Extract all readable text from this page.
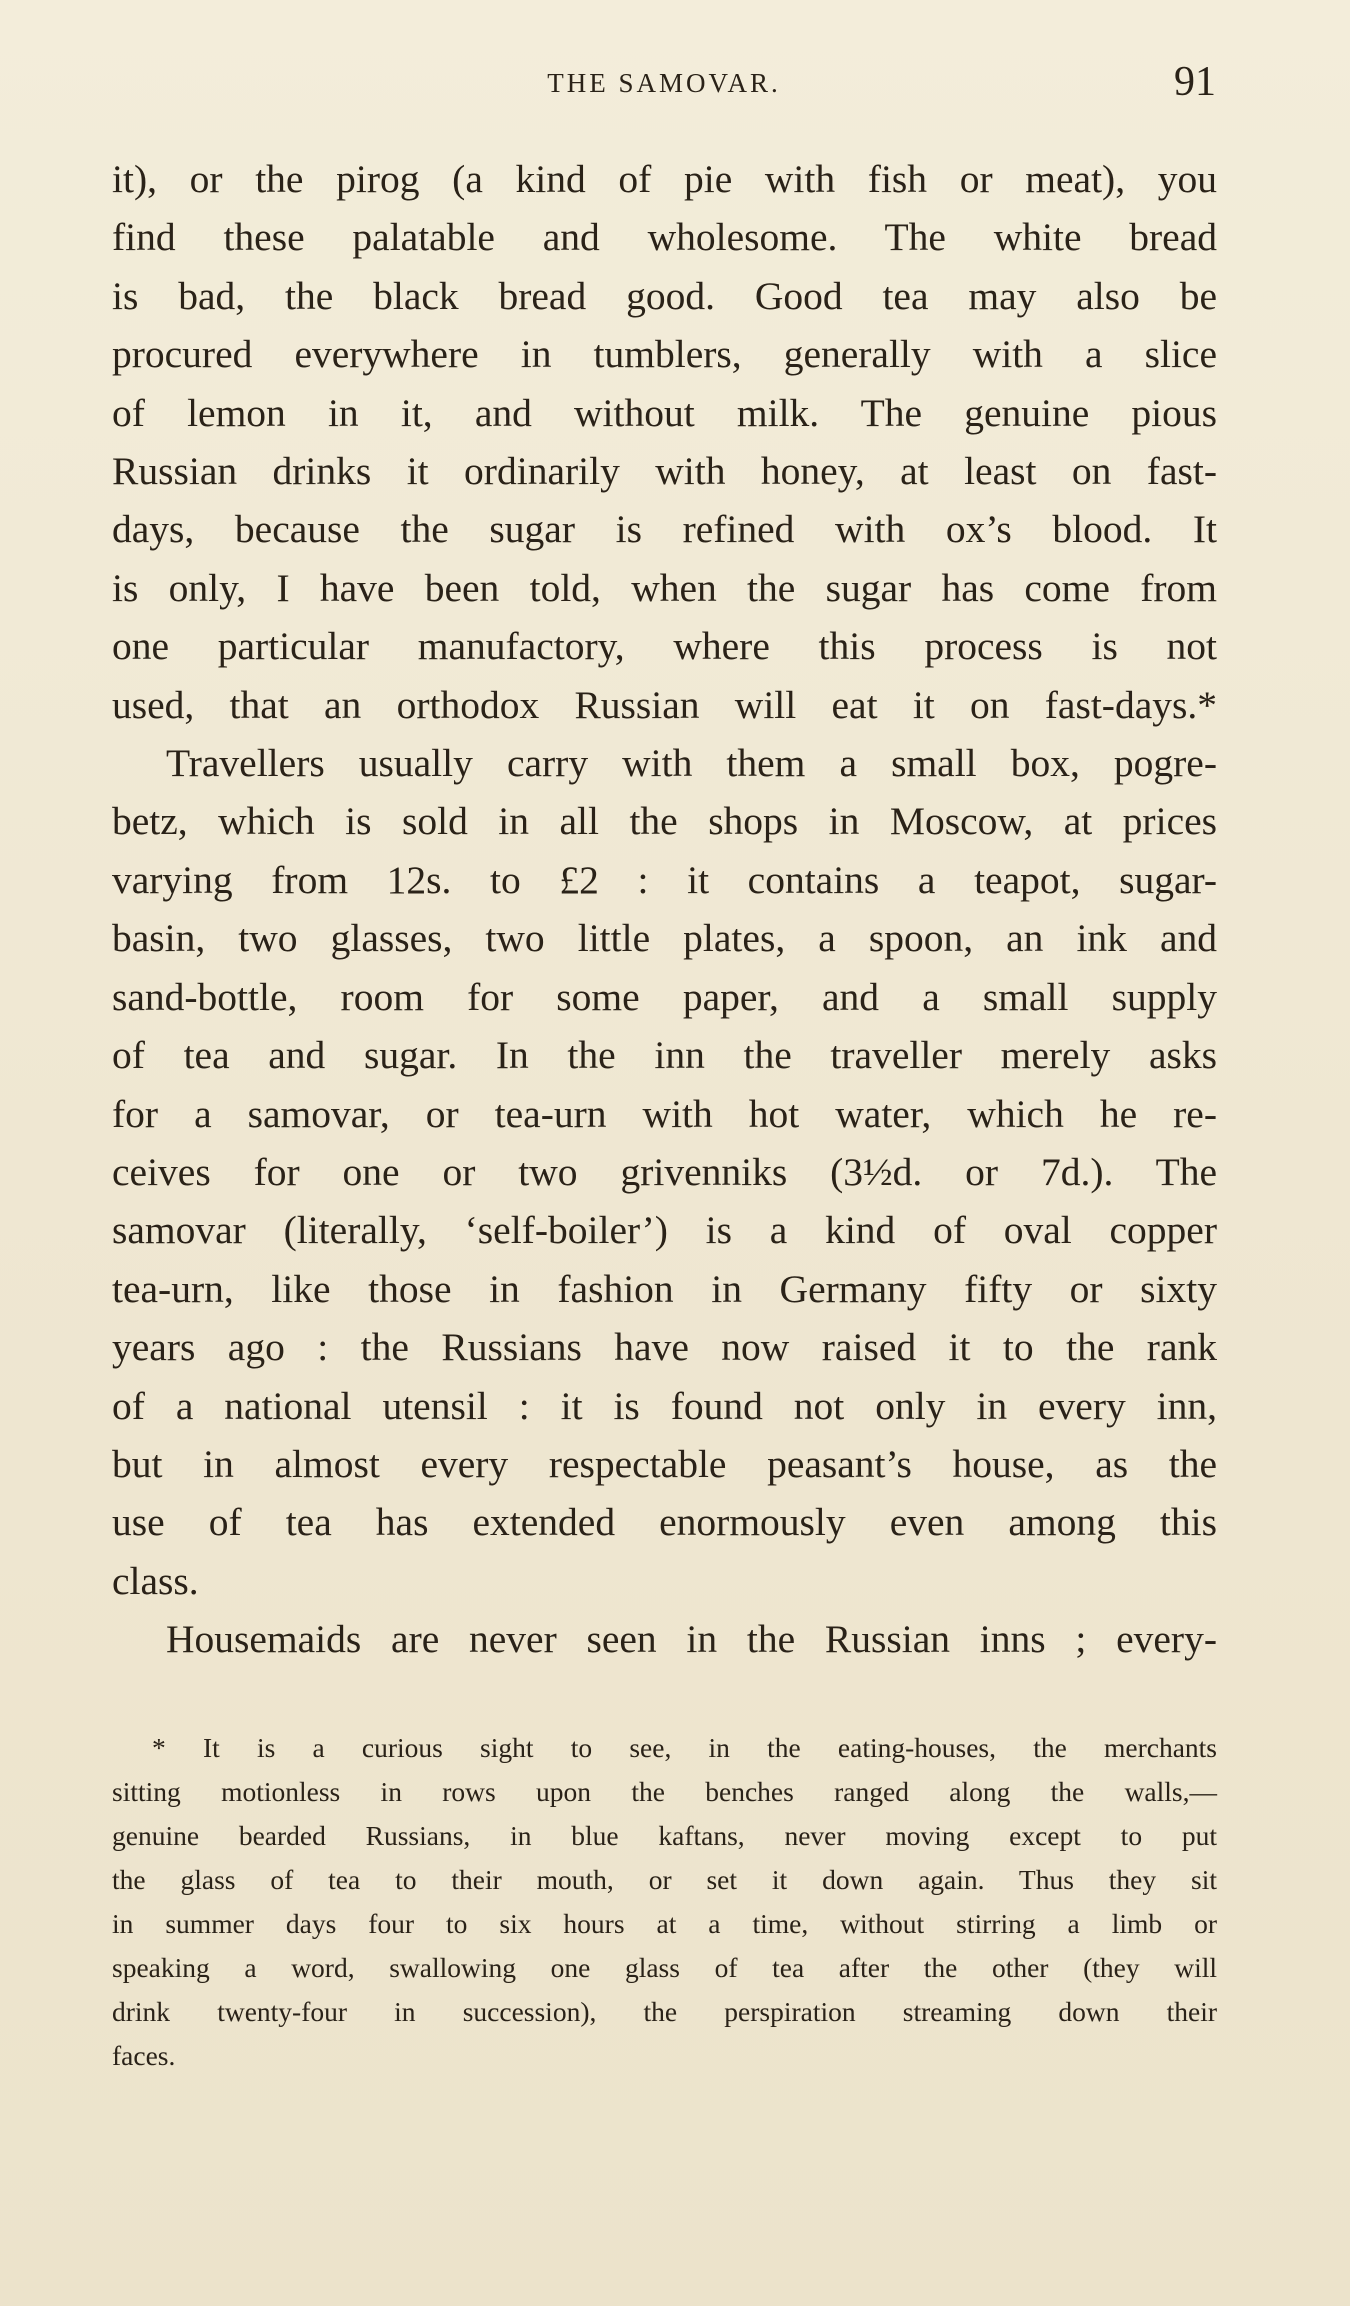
THE SAMOVAR.	91
it), or the pirog (a kind of pie with fish or meat), you
find these palatable and wholesome. The white bread
is bad, the black bread good. Good tea may also be
procured everywhere in tumblers, generally with a slice
of lemon in it, and without milk. The genuine pious
Russian drinks it ordinarily with honey, at least on fast-
days, because the sugar is refined with ox’s blood. It
is only, I have been told, when the sugar has come from
one particular manufactory, where this process is not
used, that an orthodox Russian will eat it on fast-days.*
Travellers usually carry with them a small box, pogre-
betz, which is sold in all the shops in Moscow, at prices
varying from 12s. to £2 : it contains a teapot, sugar-
basin, two glasses, two little plates, a spoon, an ink and
sand-bottle, room for some paper, and a small supply
of tea and sugar. In the inn the traveller merely asks
for a samovar, or tea-urn with hot water, which he re-
ceives for one or two grivenniks (3½d. or 7d.). The
samovar (literally, ‘self-boiler’) is a kind of oval copper
tea-urn, like those in fashion in Germany fifty or sixty
years ago : the Russians have now raised it to the rank
of a national utensil : it is found not only in every inn,
but in almost every respectable peasant’s house, as the
use of tea has extended enormously even among this
class.
Housemaids are never seen in the Russian inns ; every-
* It is a curious sight to see, in the eating-houses, the merchants
sitting motionless in rows upon the benches ranged along the walls,—
genuine bearded Russians, in blue kaftans, never moving except to put
the glass of tea to their mouth, or set it down again. Thus they sit
in summer days four to six hours at a time, without stirring a limb or
speaking a word, swallowing one glass of tea after the other (they will
drink twenty-four in succession), the perspiration streaming down their
faces.
